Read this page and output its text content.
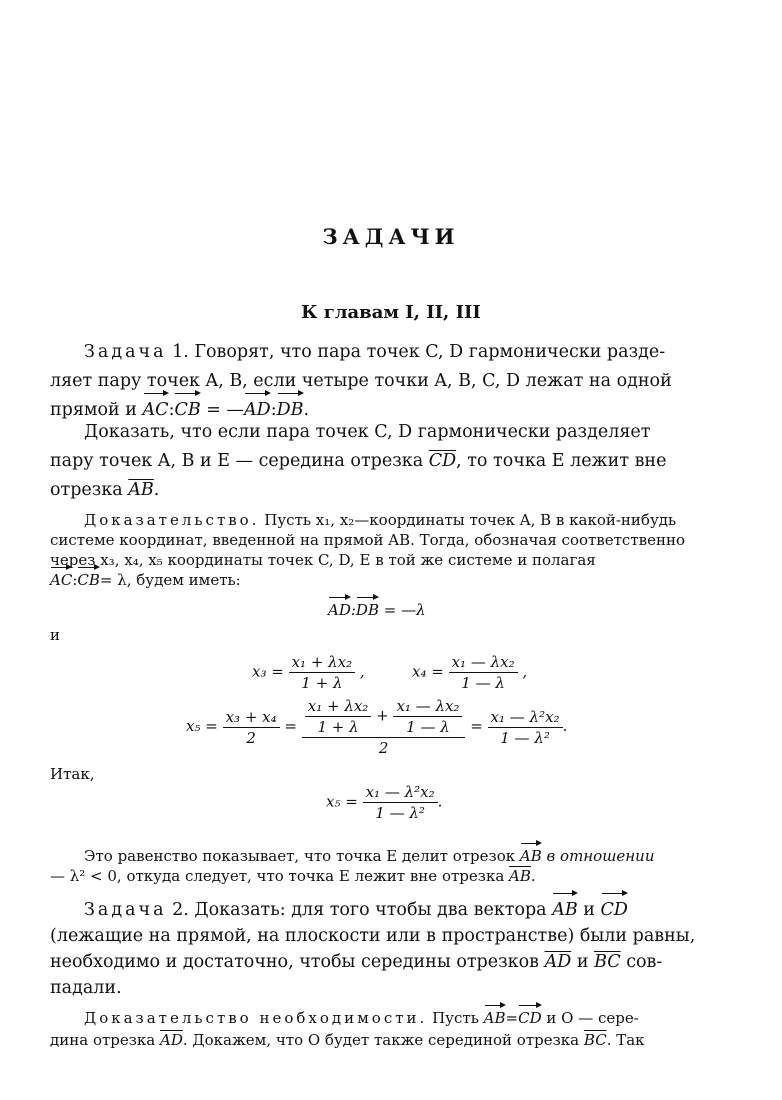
ЗАДАЧИ
К главам I, II, III
Задача 1. Говорят, что пара точек C, D гармонически разде-
ляет пару точек A, B, если четыре точки A, B, C, D лежат на одной
прямой и AC:CB = —AD:DB.
Доказать, что если пара точек C, D гармонически разделяет
пару точек A, B и E — середина отрезка $\overline{CD}$, то точка E лежит вне
отрезка $\overline{AB}$.
Доказательство. Пусть x₁, x₂—координаты точек A, B в какой-нибудь
системе координат, введенной на прямой AB. Тогда, обозначая соответственно
через x₃, x₄, x₅ координаты точек C, D, E в той же системе и полагая
AC:CB= λ, будем иметь:
AD:DB = —λ
и
$x_3 = \frac{\text{x₁ + λx₂}}{1 + \lambda}$ ,	$x_4 = \frac{\text{x₁ — λx₂}}{1 — \lambda}$ ,
$x_5 = \frac{\text{x₃ + x₄}}{2} = \frac{\text{x₁ + λx₂}}{1 + \lambda} + \frac{\text{x₁ — λx₂}}{1 — \lambda}$
2
= $\frac{\text{x₁ — λ²x₂}}{\text{1 — λ²}}$ .
Итак,
$x_5 = \frac{\text{x₁ — λ²x₂}}{\text{1 — λ²}}$ .
Это равенство показывает, что точка E делит отрезок AB в отношении
— λ² < 0, откуда следует, что точка E лежит вне отрезка $\overline{AB}$.
Задача 2. Доказать: для того чтобы два вектора AB и CD
(лежащие на прямой, на плоскости или в пространстве) были равны,
необходимо и достаточно, чтобы середины отрезков $\overline{AD}$ и $\overline{BC}$ сов-
падали.
Доказательство необходимости. Пусть AB=CD и O — сере-
дина отрезка $\overline{AD}$. Докажем, что O будет также серединой отрезка $\overline{BC}$. Так
